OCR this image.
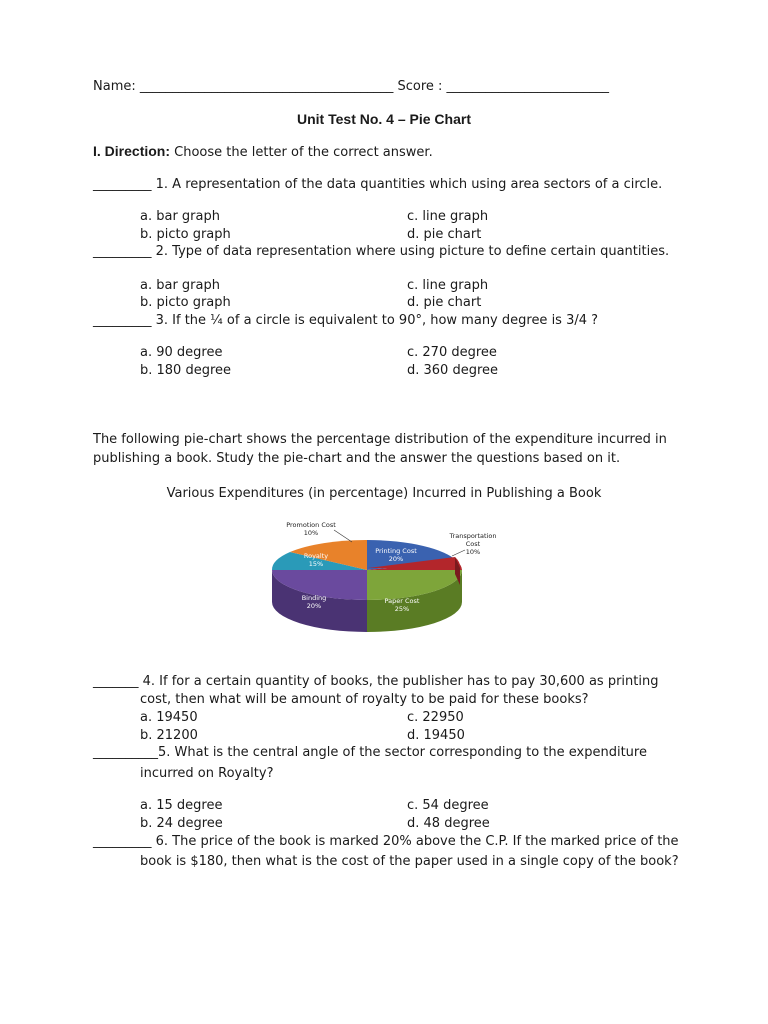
Name: _______________________________________ Score : _________________________
Unit Test No. 4 – Pie Chart
I. Direction: Choose the letter of the correct answer.
_________ 1. A representation of the data quantities which using area sectors of a circle.
a. bar graph
b. picto graph
c. line graph
d. pie chart
_________ 2. Type of data representation where using picture to define certain quantities.
a. bar graph
b. picto graph
c. line graph
d. pie chart
_________ 3. If the ¼ of a circle is equivalent to 90°, how many degree is 3/4 ?
a. 90 degree
b. 180 degree
c. 270 degree
d. 360 degree
The following pie-chart shows the percentage distribution of the expenditure incurred in
publishing a book. Study the pie-chart and the answer the questions based on it.
Various Expenditures (in percentage) Incurred in Publishing a Book
Promotion Cost
10%	Transportation
Cost
10%
Printing Cost
20%
Royalty
15%
Binding
20%
Paper Cost
25%
_______ 4. If for a certain quantity of books, the publisher has to pay 30,600 as printing
cost, then what will be amount of royalty to be paid for these books?
a. 19450
b. 21200
c. 22950
d. 19450
__________5. What is the central angle of the sector corresponding to the expenditure
incurred on Royalty?
a. 15 degree
b. 24 degree
c. 54 degree
d. 48 degree
_________ 6. The price of the book is marked 20% above the C.P. If the marked price of the
book is $180, then what is the cost of the paper used in a single copy of the book?
